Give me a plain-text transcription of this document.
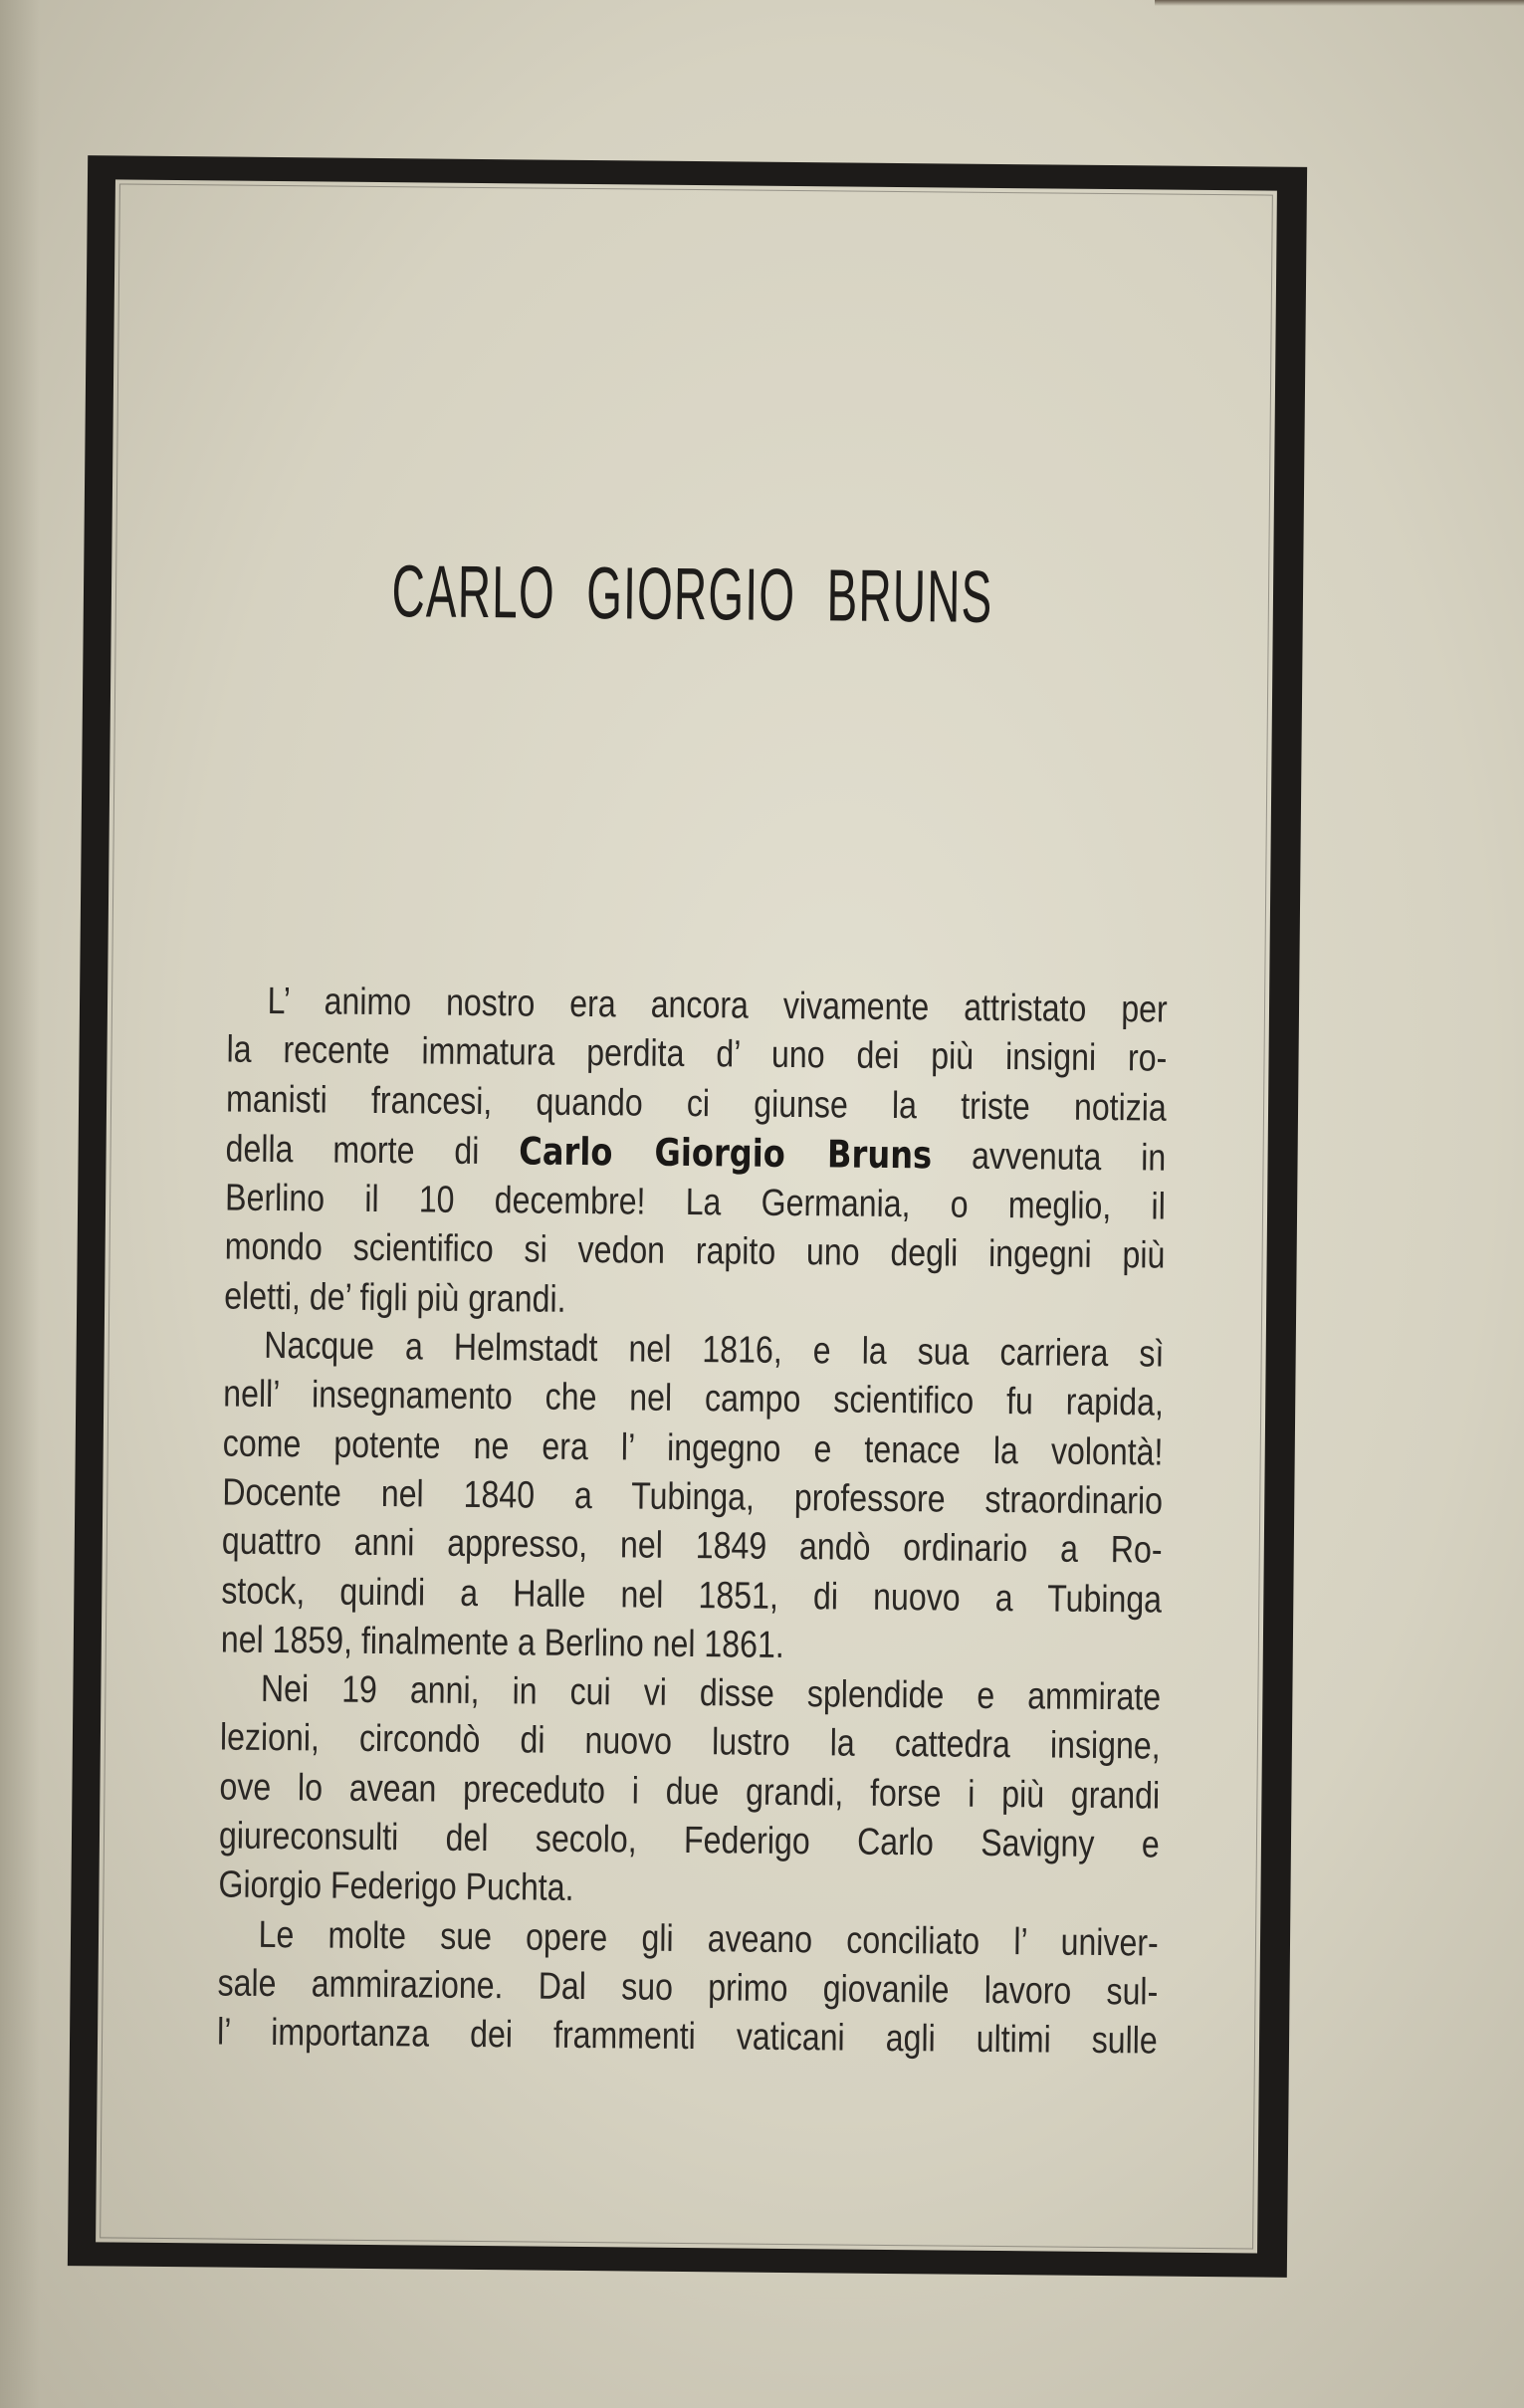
CARLO GIORGIO BRUNS
L’ animo nostro era ancora vivamente attristato per
la recente immatura perdita d’ uno dei più insigni ro-
manisti francesi, quando ci giunse la triste notizia
della morte di Carlo Giorgio Bruns avvenuta in
Berlino il 10 decembre! La Germania, o meglio, il
mondo scientifico si vedon rapito uno degli ingegni più
eletti, de’ figli più grandi.
Nacque a Helmstadt nel 1816, e la sua carriera sì
nell’ insegnamento che nel campo scientifico fu rapida,
come potente ne era l’ ingegno e tenace la volontà!
Docente nel 1840 a Tubinga, professore straordinario
quattro anni appresso, nel 1849 andò ordinario a Ro-
stock, quindi a Halle nel 1851, di nuovo a Tubinga
nel 1859, finalmente a Berlino nel 1861.
Nei 19 anni, in cui vi disse splendide e ammirate
lezioni, circondò di nuovo lustro la cattedra insigne,
ove lo avean preceduto i due grandi, forse i più grandi
giureconsulti del secolo, Federigo Carlo Savigny e
Giorgio Federigo Puchta.
Le molte sue opere gli aveano conciliato l’ univer-
sale ammirazione. Dal suo primo giovanile lavoro sul-
l’ importanza dei frammenti vaticani agli ultimi sulle
